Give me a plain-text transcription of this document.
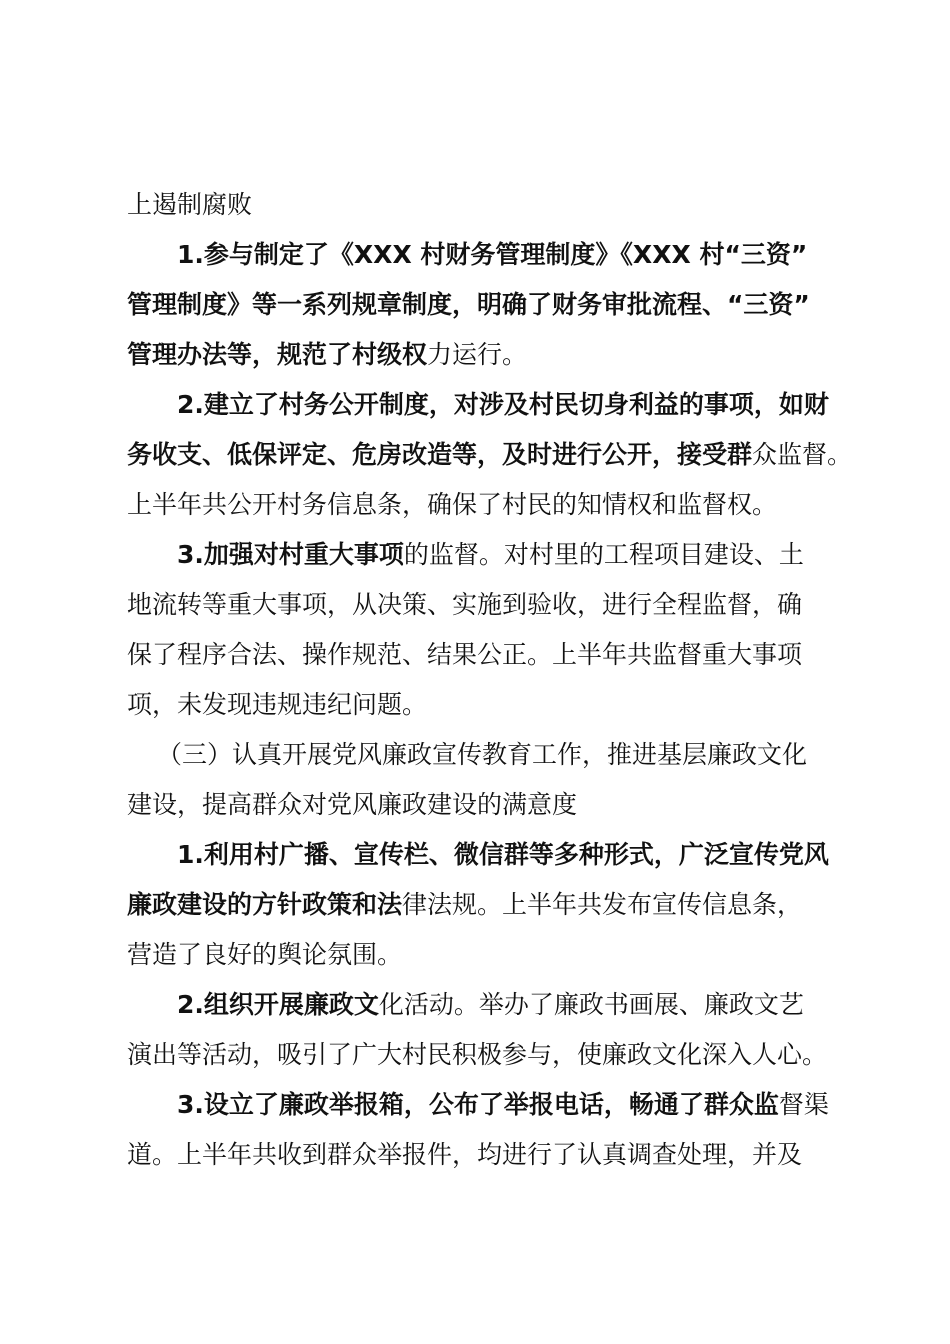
上遏制腐败
1.参与制定了《XXX 村财务管理制度》《XXX 村“三资”
管理制度》等一系列规章制度，明确了财务审批流程、“三资”
管理办法等，规范了村级权力运行。
2.建立了村务公开制度，对涉及村民切身利益的事项，如财
务收支、低保评定、危房改造等，及时进行公开，接受群众监督。
上半年共公开村务信息条，确保了村民的知情权和监督权。
3.加强对村重大事项的监督。对村里的工程项目建设、土
地流转等重大事项，从决策、实施到验收，进行全程监督，确
保了程序合法、操作规范、结果公正。上半年共监督重大事项
项，未发现违规违纪问题。
（三）认真开展党风廉政宣传教育工作，推进基层廉政文化
建设，提高群众对党风廉政建设的满意度
1.利用村广播、宣传栏、微信群等多种形式，广泛宣传党风
廉政建设的方针政策和法律法规。上半年共发布宣传信息条，
营造了良好的舆论氛围。
2.组织开展廉政文化活动。举办了廉政书画展、廉政文艺
演出等活动，吸引了广大村民积极参与，使廉政文化深入人心。
3.设立了廉政举报箱，公布了举报电话，畅通了群众监督渠
道。上半年共收到群众举报件，均进行了认真调查处理，并及
